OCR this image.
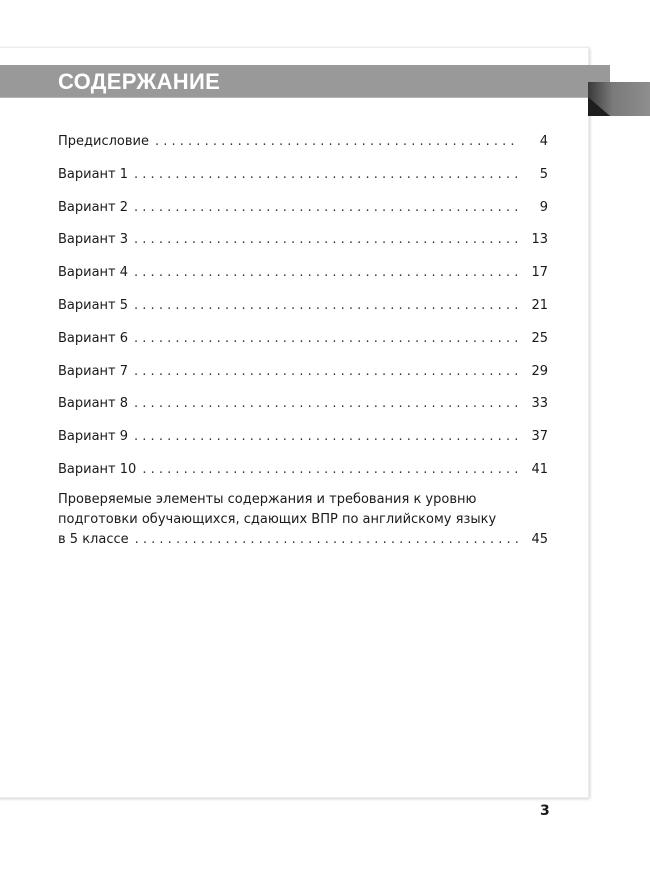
СОДЕРЖАНИЕ
Предисловие . . .	4
Вариант 1 . . .	5
Вариант 2 . . .	9
Вариант 3 . . .	13
Вариант 4 . . .	17
Вариант 5 . . .	21
Вариант 6 . . .	25
Вариант 7 . . .	29
Вариант 8 . . .	33
Вариант 9 . . .	37
Вариант 10 . . .	41
Проверяемые элементы содержания и требования к уровню
подготовки обучающихся, сдающих ВПР по английскому языку
в 5 классе . . .	45
3
